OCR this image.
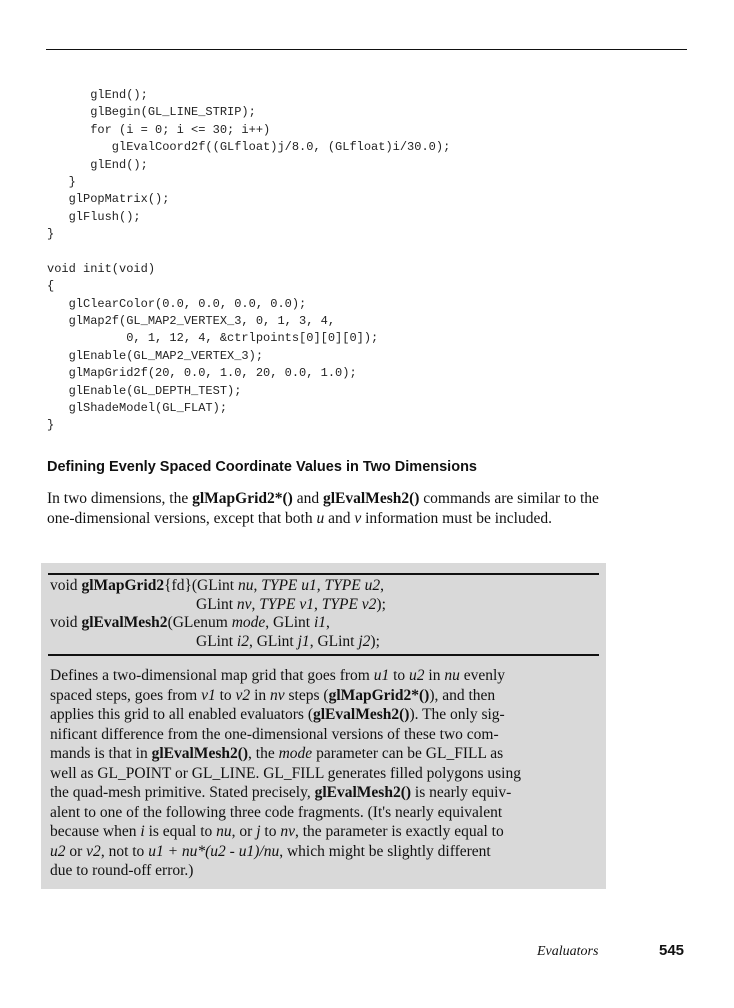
glEnd();
glBegin(GL_LINE_STRIP);
for (i = 0; i <= 30; i++)
glEvalCoord2f((GLfloat)j/8.0, (GLfloat)i/30.0);
glEnd();
}
glPopMatrix();
glFlush();
}
void init(void)
{
glClearColor(0.0, 0.0, 0.0, 0.0);
glMap2f(GL_MAP2_VERTEX_3, 0, 1, 3, 4,
0, 1, 12, 4, &ctrlpoints[0][0][0]);
glEnable(GL_MAP2_VERTEX_3);
glMapGrid2f(20, 0.0, 1.0, 20, 0.0, 1.0);
glEnable(GL_DEPTH_TEST);
glShadeModel(GL_FLAT);
}
Defining Evenly Spaced Coordinate Values in Two Dimensions

In two dimensions, the glMapGrid2*() and glEvalMesh2() commands are similar to the one-dimensional versions, except that both u and v information must be included.

void glMapGrid2{fd}(GLint nu, TYPE u1, TYPE u2,
GLint nv, TYPE v1, TYPE v2);
void glEvalMesh2(GLenum mode, GLint i1,
GLint i2, GLint j1, GLint j2);
Defines a two-dimensional map grid that goes from u1 to u2 in nu evenly
spaced steps, goes from v1 to v2 in nv steps (glMapGrid2*()), and then
applies this grid to all enabled evaluators (glEvalMesh2()). The only sig-
nificant difference from the one-dimensional versions of these two com-
mands is that in glEvalMesh2(), the mode parameter can be GL_FILL as
well as GL_POINT or GL_LINE. GL_FILL generates filled polygons using
the quad-mesh primitive. Stated precisely, glEvalMesh2() is nearly equiv-
alent to one of the following three code fragments. (It's nearly equivalent
because when i is equal to nu, or j to nv, the parameter is exactly equal to
u2 or v2, not to u1 + nu*(u2 - u1)/nu, which might be slightly different
due to round-off error.)
Evaluators	545
